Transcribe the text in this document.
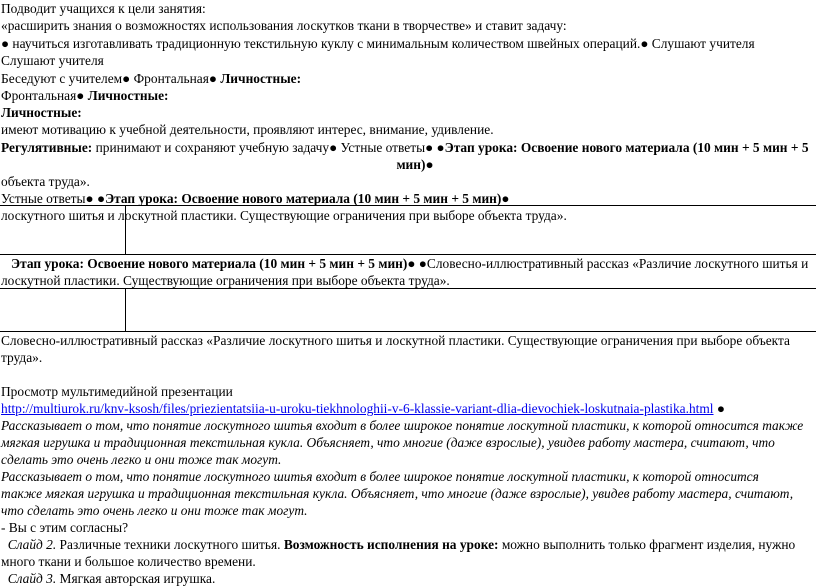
Подводит учащихся к цели занятия:
«расширить знания о возможностях использования лоскутков ткани в творчестве» и ставит задачу:
● научиться изготавливать традиционную текстильную куклу с минимальным количеством швейных операций.● Слушают учителя
Слушают учителя
Беседуют с учителем● Фронтальная● Личностные:
Фронтальная● Личностные:
Личностные:
имеют мотивацию к учебной деятельности, проявляют интерес, внимание, удивление.
Регулятивные: принимают и сохраняют учебную задачу● Устные ответы● ●Этап урока: Освоение нового материала (10 мин + 5 мин + 5
мин)●
объекта труда».
Устные ответы● ●Этап урока: Освоение нового материала (10 мин + 5 мин + 5 мин)●
лоскутного шитья и лоскутной пластики. Существующие ограничения при выборе объекта труда».
Этап урока: Освоение нового материала (10 мин + 5 мин + 5 мин)● ●Словесно-иллюстративный рассказ «Различие лоскутного шитья и
лоскутной пластики. Существующие ограничения при выборе объекта труда».
Словесно-иллюстративный рассказ «Различие лоскутного шитья и лоскутной пластики. Существующие ограничения при выборе объекта
труда».
Просмотр мультимедийной презентации
http://multiurok.ru/knv-ksosh/files/priezientatsiia-u-uroku-tiekhnologhii-v-6-klassie-variant-dlia-dievochiek-loskutnaia-plastika.html ●
Рассказывает о том, что понятие лоскутного шитья входит в более широкое понятие лоскутной пластики, к которой относится также
мягкая игрушка и традиционная текстильная кукла. Объясняет, что многие (даже взрослые), увидев работу мастера, считают, что
сделать это очень легко и они тоже так могут.
Рассказывает о том, что понятие лоскутного шитья входит в более широкое понятие лоскутной пластики, к которой относится
также мягкая игрушка и традиционная текстильная кукла. Объясняет, что многие (даже взрослые), увидев работу мастера, считают,
что сделать это очень легко и они тоже так могут.
- Вы с этим согласны?
Слайд 2. Различные техники лоскутного шитья. Возможность исполнения на уроке: можно выполнить только фрагмент изделия, нужно
много ткани и большое количество времени.
Слайд 3. Мягкая авторская игрушка.
